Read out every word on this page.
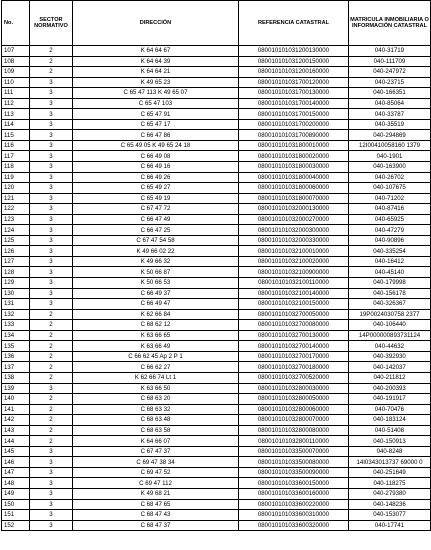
No.	SECTOR NORMATIVO	DIRECCIÓN	REFERENCIA CATASTRAL	MATRICULA INMOBILIARIA O INFORMACIÓN CATASTRAL
107	2	K 64 64 67	080010101031200130000	040-31719
108	2	K 64 64 39	080010101031200150000	040-111709
109	2	K 64 64 21	080010101031200160000	040-247972
110	3	K 49 65 23	080010101031700120000	040-23715
111	3	C 65 47 113 K 49 65 07	080010101031700130000	040-166351
112	3	C 65 47 103	080010101031700140000	040-85064
113	3	C 65 47 91	080010101031700150000	040-33787
114	3	C 65 47 17	080010101031700200000	040-35519
115	3	C 66 47 86	080010101031700890000	040-294869
116	3	C 65 49 05 K 49 65 24 18	080010101031800010000	12I00410058160 1379
117	3	C 66 49 08	080010101031800020000	040-1901
118	3	C 66 49 16	080010101031800030000	040-163900
119	3	C 66 49 26	080010101031800040000	040-26702
120	3	C 65 49 27	080010101031800060000	040-107675
121	3	C 65 49 19	080010101031800070000	040-71202
122	3	C 67 47 72	080010101032000130000	040-87416
123	3	C 66 47 49	080010101032000270000	040-65925
124	3	C 66 47 25	080010101032000300000	040-47279
125	3	C 67 47 54 58	080010101032000330000	040-90896
126	3	K 49 66 02 22	080010101032100010000	040-335254
127	3	K 49 66 32	080010101032100020000	040-16412
128	3	K 50 66 87	080010101032100900000	040-45140
129	3	K 50 66 53	080010101032100110000	040-179998
130	3	C 66 49 37	080010101032100140000	040-156178
131	3	C 66 49 47	080010101032100150000	040-326367
132	2	K 62 66 84	080010101032700050000	19P0024030758 2377
133	2	C 68 62 12	080010101032700080000	040-106440
134	2	K 63 66 65	080010101032700130000	14P000000893731124
135	2	K 63 66 49	080010101032700140000	040-44632
136	2	C 66 62 45 Ap 2 P 1	080010101032700170000	040-392930
137	2	C 66 62 27	080010101032700180000	040-142037
138	2	K 62 66 74 Lt 1	080010101032700520000	040-211812
139	3	K 63 66 50	080010101032800030000	040-200393
140	2	C 68 63 20	080010101032800050000	040-191917
141	2	C 68 63 32	080010101032800060000	040-70476
142	2	C 68 63 48	080010101032800070000	040-183124
143	2	C 68 63 58	080010101032800080000	040-51408
144	2	K 64 66 07	080010101032800110000	040-150913
145	3	C 67 47 37	080010101033500070000	040-8248
146	3	C 69 47 38 34	080010101033500080000	14I0343013737 69000 0
147	3	C 69 47 52	080010101033500090000	040-251649
148	3	C 69 47 112	080010101033600150000	040-118275
149	3	K 49 68 21	080010101033600160000	040-279380
150	3	C 68 47 65	080010101033600220000	040-148236
151	3	C 68 47 43	080010101033600310000	040-153077
152	3	C 68 47 37	080010101033600320000	040-17741
